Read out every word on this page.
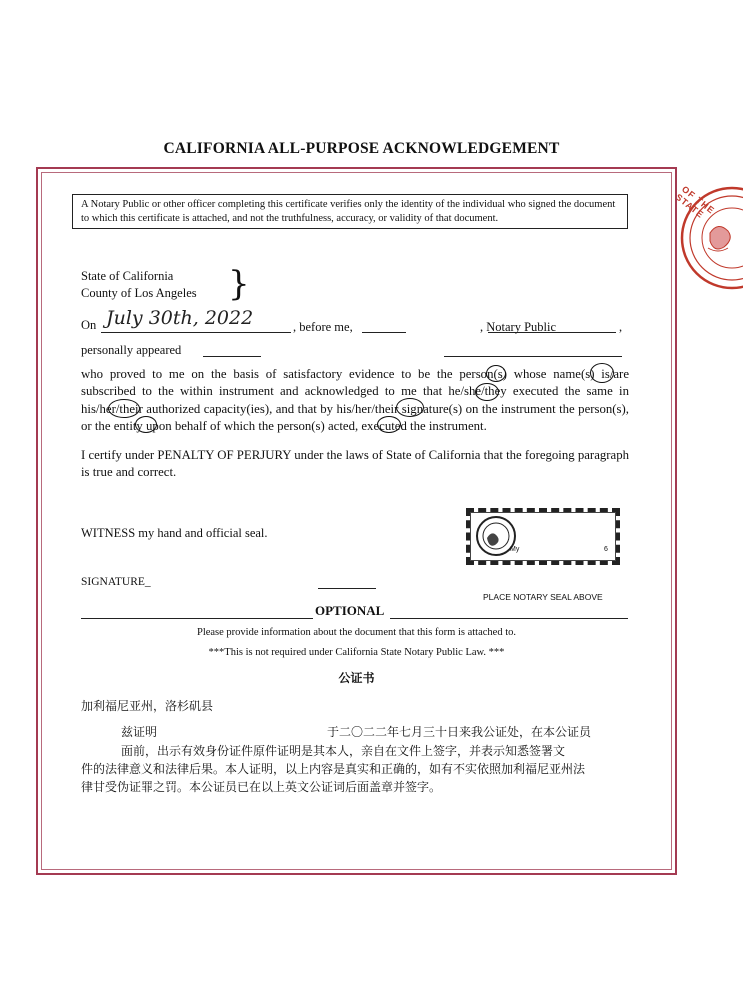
CALIFORNIA ALL-PURPOSE ACKNOWLEDGEMENT
OF THE STATE
A Notary Public or other officer completing this certificate verifies only the identity of the individual who signed the document to which this certificate is attached, and not the truthfulness, accuracy, or validity of that document.
State of California
County of Los Angeles }
On July 30th, 2022	, before me,	, Notary Public	,
personally appeared
who proved to me on the basis of satisfactory evidence to be the person(s) whose name(s) is/are subscribed to the within instrument and acknowledged to me that he/she/they executed the same in his/her/their authorized capacity(ies), and that by his/her/their signature(s) on the instrument the person(s), or the entity upon behalf of which the person(s) acted, executed the instrument.
I certify under PENALTY OF PERJURY under the laws of State of California that the foregoing paragraph is true and correct.
WITNESS my hand and official seal.
My	6
SIGNATURE_
PLACE NOTARY SEAL ABOVE
OPTIONAL
Please provide information about the document that this form is attached to.
***This is not required under California State Notary Public Law. ***
公证书
加利福尼亚州，洛杉矶县
兹证明	于二〇二二年七月三十日来我公证处，在本公证员
面前，出示有效身份证件原件证明是其本人，亲自在文件上签字，并表示知悉签署文
件的法律意义和法律后果。本人证明，以上内容是真实和正确的，如有不实依照加利福尼亚州法
律甘受伪证罪之罚。本公证员已在以上英文公证词后面盖章并签字。
